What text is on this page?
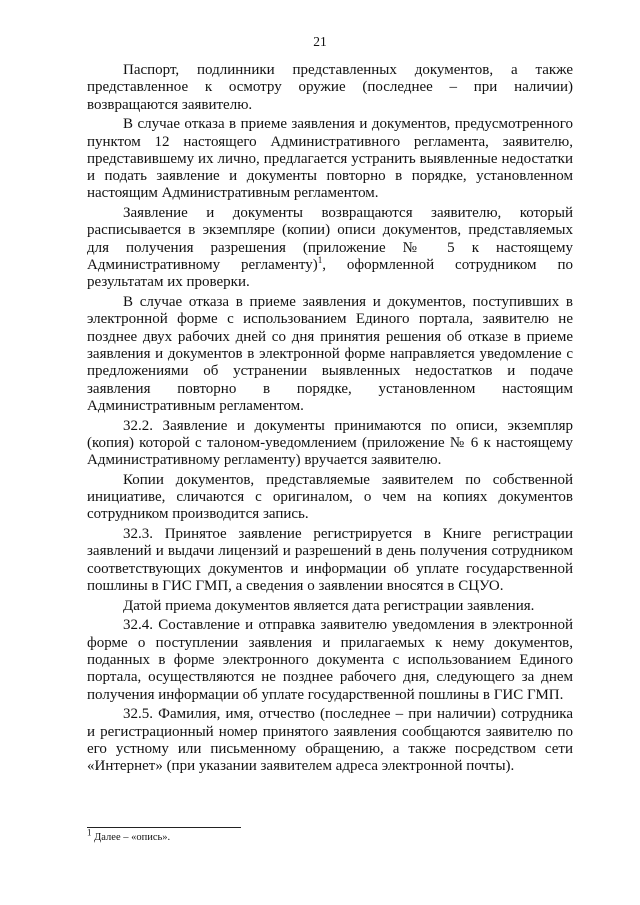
21

Паспорт, подлинники представленных документов, а также представленное к осмотру оружие (последнее – при наличии) возвращаются заявителю.

В случае отказа в приеме заявления и документов, предусмотренного пунктом 12 настоящего Административного регламента, заявителю, представившему их лично, предлагается устранить выявленные недостатки и подать заявление и документы повторно в порядке, установленном настоящим Административным регламентом.

Заявление и документы возвращаются заявителю, который расписывается в экземпляре (копии) описи документов, представляемых для получения разрешения (приложение № 5 к настоящему Административному регламенту)$^1$, оформленной сотрудником по результатам их проверки.

В случае отказа в приеме заявления и документов, поступивших в электронной форме с использованием Единого портала, заявителю не позднее двух рабочих дней со дня принятия решения об отказе в приеме заявления и документов в электронной форме направляется уведомление с предложениями об устранении выявленных недостатков и подаче заявления повторно в порядке, установленном настоящим Административным регламентом.

32.2. Заявление и документы принимаются по описи, экземпляр (копия) которой с талоном-уведомлением (приложение № 6 к настоящему Административному регламенту) вручается заявителю.

Копии документов, представляемые заявителем по собственной инициативе, сличаются с оригиналом, о чем на копиях документов сотрудником производится запись.

32.3. Принятое заявление регистрируется в Книге регистрации заявлений и выдачи лицензий и разрешений в день получения сотрудником соответствующих документов и информации об уплате государственной пошлины в ГИС ГМП, а сведения о заявлении вносятся в СЦУО.

Датой приема документов является дата регистрации заявления.

32.4. Составление и отправка заявителю уведомления в электронной форме о поступлении заявления и прилагаемых к нему документов, поданных в форме электронного документа с использованием Единого портала, осуществляются не позднее рабочего дня, следующего за днем получения информации об уплате государственной пошлины в ГИС ГМП.

32.5. Фамилия, имя, отчество (последнее – при наличии) сотрудника и регистрационный номер принятого заявления сообщаются заявителю по его устному или письменному обращению, а также посредством сети «Интернет» (при указании заявителем адреса электронной почты).

$^1$ Далее – «опись».
